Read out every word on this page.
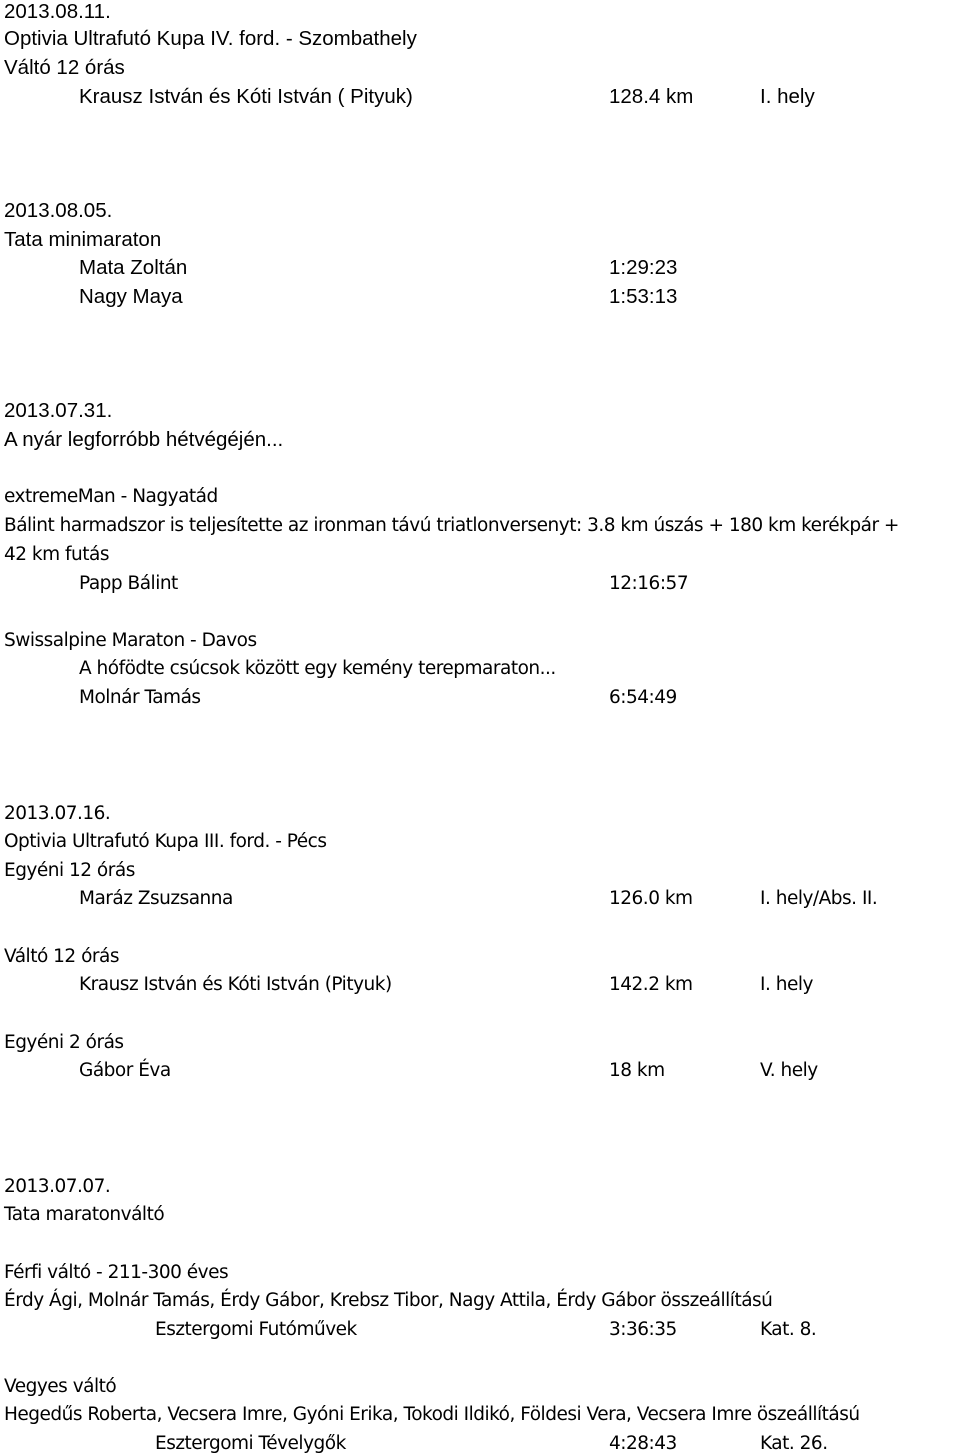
2013.08.11.
Optivia Ultrafutó Kupa IV. ford. - Szombathely
Váltó 12 órás
Krausz István és Kóti István ( Pityuk)	128.4 km	I. hely
2013.08.05.
Tata minimaraton
Mata Zoltán	1:29:23
Nagy Maya	1:53:13
2013.07.31.
A nyár legforróbb hétvégéjén...
extremeMan - Nagyatád
Bálint harmadszor is teljesítette az ironman távú triatlonversenyt: 3.8 km úszás + 180 km kerékpár +
42 km futás
Papp Bálint	12:16:57
Swissalpine Maraton - Davos
A hófödte csúcsok között egy kemény terepmaraton...
Molnár Tamás	6:54:49
2013.07.16.
Optivia Ultrafutó Kupa III. ford. - Pécs
Egyéni 12 órás
Maráz Zsuzsanna	126.0 km	I. hely/Abs. II.
Váltó 12 órás
Krausz István és Kóti István (Pityuk)	142.2 km	I. hely
Egyéni 2 órás
Gábor Éva	18 km	V. hely
2013.07.07.
Tata maratonváltó
Férfi váltó - 211-300 éves
Érdy Ági, Molnár Tamás, Érdy Gábor, Krebsz Tibor, Nagy Attila, Érdy Gábor összeállítású
Esztergomi Futóművek	3:36:35	Kat. 8.
Vegyes váltó
Hegedűs Roberta, Vecsera Imre, Gyóni Erika, Tokodi Ildikó, Földesi Vera, Vecsera Imre öszeállítású
Esztergomi Tévelygők	4:28:43	Kat. 26.
